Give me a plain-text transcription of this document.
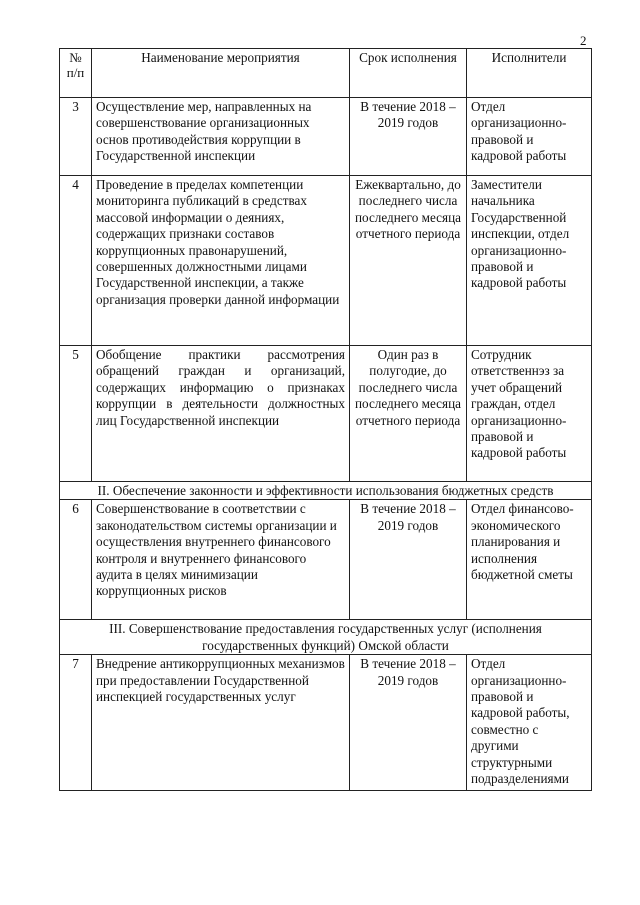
2
№ п/п	Наименование мероприятия	Срок исполнения	Исполнители
3	Осуществление мер, направленных на совершенствование организационных основ противодействия коррупции в Государственной инспекции	В течение 2018 – 2019 годов	Отдел организационно-правовой и кадровой работы
4	Проведение в пределах компетенции мониторинга публикаций в средствах массовой информации о деяниях, содержащих признаки составов коррупционных правонарушений, совершенных должностными лицами Государственной инспекции, а также организация проверки данной информации	Ежеквартально, до последнего числа последнего месяца отчетного периода	Заместители начальника Государственной инспекции, отдел организационно-правовой и кадровой работы
5	Обобщение практики рассмотрения обращений граждан и организаций, содержащих информацию о признаках коррупции в деятельности должностных лиц Государственной инспекции	Один раз в полугодие, до последнего числа последнего месяца отчетного периода	Сотрудник ответственнэз за учет обращений граждан, отдел организационно-правовой и кадровой работы

II. Обеспечение законности и эффективности использования бюджетных средств			

6	Совершенствование в соответствии с законодательством системы организации и осуществления внутреннего финансового контроля и внутреннего финансового аудита в целях минимизации коррупционных рисков	В течение 2018 – 2019 годов	Отдел финансово-экономического планирования и исполнения бюджетной сметы

III. Совершенствование предоставления государственных услуг (исполнения государственных функций) Омской области			

7	Внедрение антикоррупционных механизмов при предоставлении Государственной инспекцией государственных услуг	В течение 2018 – 2019 годов	Отдел организационно-правовой и кадровой работы, совместно с другими структурными подразделениями
